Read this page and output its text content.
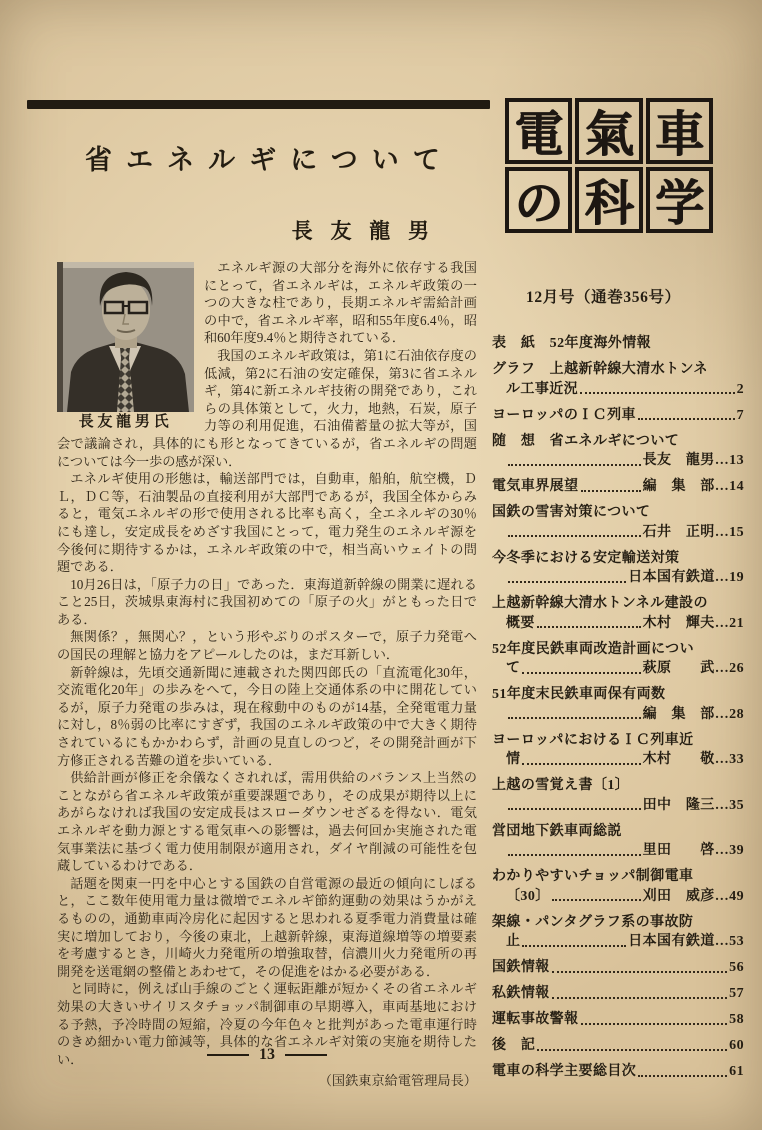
電 氣 車
の 科 学
省エネルギについて
長友龍男
長友龍男氏

エネルギ源の大部分を海外に依存する我国にとって，省エネルギは，エネルギ政策の一つの大きな柱であり，長期エネルギ需給計画の中で，省エネルギ率，昭和55年度6.4％，昭和60年度9.4％と期待されている．

我国のエネルギ政策は，第1に石油依存度の低減，第2に石油の安定確保，第3に省エネルギ，第4に新エネルギ技術の開発であり，これらの具体策として，火力，地熱，石炭，原子力等の利用促進，石油備蓄量の拡大等が，国会で議論され，具体的にも形となってきているが，省エネルギの問題については今一歩の感が深い．

エネルギ使用の形態は，輸送部門では，自動車，船舶，航空機，ＤＬ，ＤＣ等，石油製品の直接利用が大部門であるが，我国全体からみると，電気エネルギの形で使用される比率も高く，全エネルギの30％にも達し，安定成長をめざす我国にとって，電力発生のエネルギ源を今後何に期待するかは，エネルギ政策の中で，相当高いウェイトの問題である．

10月26日は，「原子力の日」であった．東海道新幹線の開業に遅れること25日，茨城県東海村に我国初めての「原子の火」がともった日である．

無関係？，無関心？，という形やぶりのポスターで，原子力発電への国民の理解と協力をアピールしたのは，まだ耳新しい．

新幹線は，先頃交通新聞に連載された関四郎氏の「直流電化30年，交流電化20年」の歩みをへて，今日の陸上交通体系の中に開花しているが，原子力発電の歩みは，現在稼動中のものが14基，全発電電力量に対し，8％弱の比率にすぎず，我国のエネルギ政策の中で大きく期待されているにもかかわらず，計画の見直しのつど，その開発計画が下方修正される苦難の道を歩いている．

供給計画が修正を余儀なくされれば，需用供給のバランス上当然のことながら省エネルギ政策が重要課題であり，その成果が期待以上にあがらなければ我国の安定成長はスローダウンせざるを得ない．電気エネルギを動力源とする電気車への影響は，過去何回か実施された電気事業法に基づく電力使用制限が適用され，ダイヤ削減の可能性を包蔵しているわけである．

話題を関東一円を中心とする国鉄の自営電源の最近の傾向にしぼると，ここ数年使用電力量は微増でエネルギ節約運動の効果はうかがえるものの，通勤車両冷房化に起因すると思われる夏季電力消費量は確実に増加しており，今後の東北，上越新幹線，東海道線増等の増要素を考慮するとき，川崎火力発電所の増強取替，信濃川火力発電所の再開発を送電網の整備とあわせて，その促進をはかる必要がある．

と同時に，例えば山手線のごとく運転距離が短かくその省エネルギ効果の大きいサイリスタチョッパ制御車の早期導入，車両基地における予熱，予冷時間の短縮，冷夏の今年色々と批判があった電車運行時のきめ細かい電力節減等，具体的な省エネルギ対策の実施を期待したい．

（国鉄東京給電管理局長）

12月号（通巻356号）
表　紙　52年度海外情報
グラフ　上越新幹線大清水トンネ
ル工事近況	2
ヨーロッパのＩＣ列車	7
随　想　省エネルギについて
長友　龍男…13
電気車界展望	編　集　部…14
国鉄の雪害対策について
石井　正明…15
今冬季における安定輸送対策
日本国有鉄道…19
上越新幹線大清水トンネル建設の
概要	木村　輝夫…21
52年度民鉄車両改造計画につい
て	萩原　　武…26
51年度末民鉄車両保有両数
編　集　部…28
ヨーロッパにおけるＩＣ列車近
情	木村　　敬…33
上越の雪覚え書〔1〕
田中　隆三…35
営団地下鉄車両総説
里田　　啓…39
わかりやすいチョッパ制御電車
〔30〕	刈田　威彦…49
架線・パンタグラフ系の事故防
止	日本国有鉄道…53
国鉄情報	56
私鉄情報	57
運転事故警報	58
後　記	60
電車の科学主要総目次	61
13
